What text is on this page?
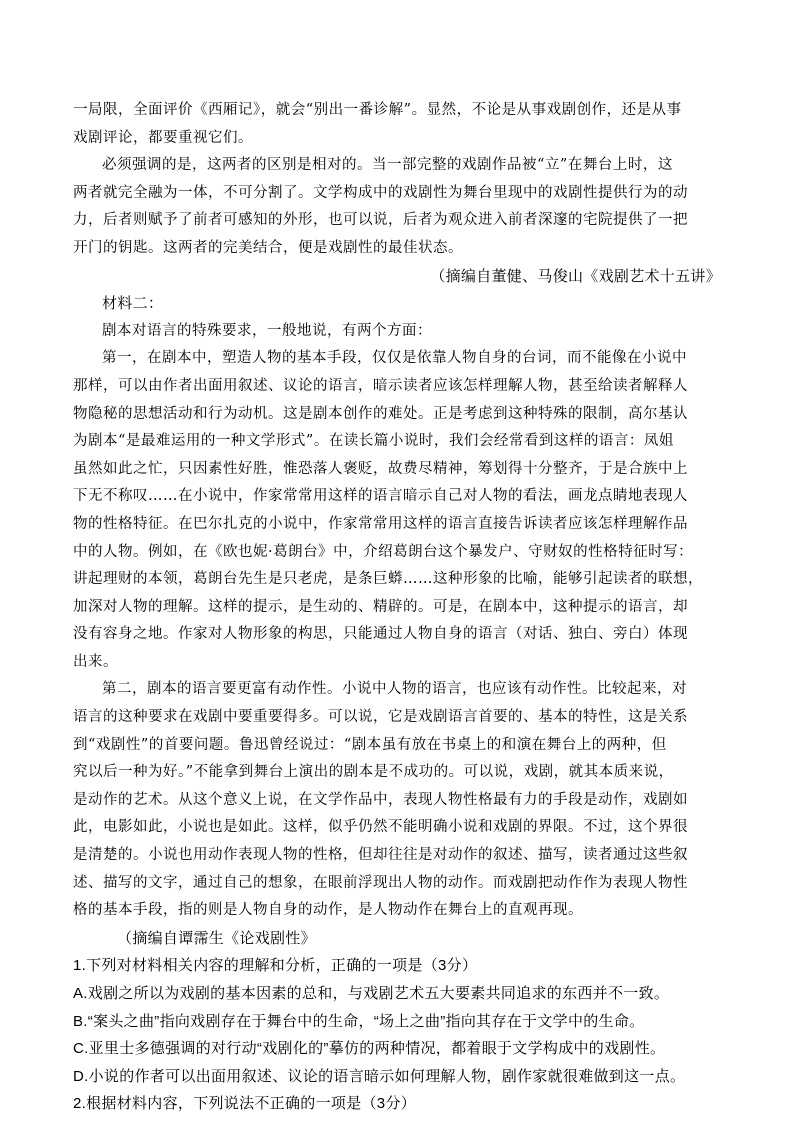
一局限，全面评价《西厢记》，就会“别出一番诊解”。显然，不论是从事戏剧创作，还是从事
戏剧评论，都要重视它们。
必须强调的是，这两者的区别是相对的。当一部完整的戏剧作品被“立”在舞台上时，这
两者就完全融为一体，不可分割了。文学构成中的戏剧性为舞台里现中的戏剧性提供行为的动
力，后者则赋予了前者可感知的外形，也可以说，后者为观众进入前者深邃的宅院提供了一把
开门的钥匙。这两者的完美结合，便是戏剧性的最佳状态。
（摘编自董健、马俊山《戏剧艺术十五讲》
材料二：
剧本对语言的特殊要求，一般地说，有两个方面：
第一，在剧本中，塑造人物的基本手段，仅仅是依靠人物自身的台词，而不能像在小说中
那样，可以由作者出面用叙述、议论的语言，暗示读者应该怎样理解人物，甚至给读者解释人
物隐秘的思想活动和行为动机。这是剧本创作的难处。正是考虑到这种特殊的限制，高尔基认
为剧本“是最难运用的一种文学形式”。在读长篇小说时，我们会经常看到这样的语言：凤姐
虽然如此之忙，只因素性好胜，惟恐落人褒贬，故费尽精神，筹划得十分整齐，于是合族中上
下无不称叹……在小说中，作家常常用这样的语言暗示自己对人物的看法，画龙点睛地表现人
物的性格特征。在巴尔扎克的小说中，作家常常用这样的语言直接告诉读者应该怎样理解作品
中的人物。例如，在《欧也妮·葛朗台》中，介绍葛朗台这个暴发户、守财奴的性格特征时写：
讲起理财的本领，葛朗台先生是只老虎，是条巨蟒……这种形象的比喻，能够引起读者的联想，
加深对人物的理解。这样的提示，是生动的、精辟的。可是，在剧本中，这种提示的语言，却
没有容身之地。作家对人物形象的构思，只能通过人物自身的语言（对话、独白、旁白）体现
出来。
第二，剧本的语言要更富有动作性。小说中人物的语言，也应该有动作性。比较起来，对
语言的这种要求在戏剧中要重要得多。可以说，它是戏剧语言首要的、基本的特性，这是关系
到“戏剧性”的首要问题。鲁迅曾经说过：“剧本虽有放在书桌上的和演在舞台上的两种，但
究以后一种为好。”不能拿到舞台上演出的剧本是不成功的。可以说，戏剧，就其本质来说，
是动作的艺术。从这个意义上说，在文学作品中，表现人物性格最有力的手段是动作，戏剧如
此，电影如此，小说也是如此。这样，似乎仍然不能明确小说和戏剧的界限。不过，这个界很
是清楚的。小说也用动作表现人物的性格，但却往往是对动作的叙述、描写，读者通过这些叙
述、描写的文字，通过自己的想象，在眼前浮现出人物的动作。而戏剧把动作作为表现人物性
格的基本手段，指的则是人物自身的动作，是人物动作在舞台上的直观再现。
（摘编自谭霈生《论戏剧性》
1.下列对材料相关内容的理解和分析，正确的一项是（3分）
A.戏剧之所以为戏剧的基本因素的总和，与戏剧艺术五大要素共同追求的东西并不一致。
B.“案头之曲”指向戏剧存在于舞台中的生命，“场上之曲”指向其存在于文学中的生命。
C.亚里士多德强调的对行动“戏剧化的”摹仿的两种情况，都着眼于文学构成中的戏剧性。
D.小说的作者可以出面用叙述、议论的语言暗示如何理解人物，剧作家就很难做到这一点。
2.根据材料内容，下列说法不正确的一项是（3分）
